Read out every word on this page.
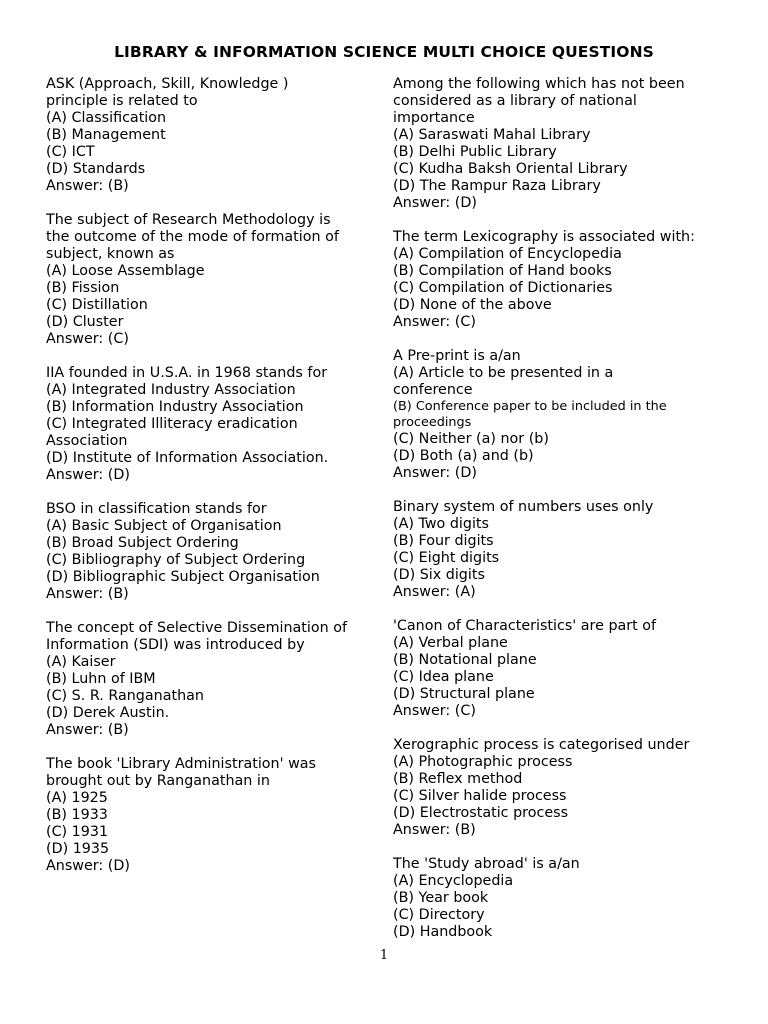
LIBRARY & INFORMATION SCIENCE MULTI CHOICE QUESTIONS
ASK (Approach, Skill, Knowledge )
principle is related to
(A) Classification
(B) Management
(C) ICT
(D) Standards
Answer: (B)
The subject of Research Methodology is
the outcome of the mode of formation of
subject, known as
(A) Loose Assemblage
(B) Fission
(C) Distillation
(D) Cluster
Answer: (C)
IIA founded in U.S.A. in 1968 stands for
(A) Integrated Industry Association
(B) Information Industry Association
(C) Integrated Illiteracy eradication
Association
(D) Institute of Information Association.
Answer: (D)
BSO in classification stands for
(A) Basic Subject of Organisation
(B) Broad Subject Ordering
(C) Bibliography of Subject Ordering
(D) Bibliographic Subject Organisation
Answer: (B)
The concept of Selective Dissemination of
Information (SDI) was introduced by
(A) Kaiser
(B) Luhn of IBM
(C) S. R. Ranganathan
(D) Derek Austin.
Answer: (B)
The book 'Library Administration' was
brought out by Ranganathan in
(A) 1925
(B) 1933
(C) 1931
(D) 1935
Answer: (D)
Among the following which has not been
considered as a library of national
importance
(A) Saraswati Mahal Library
(B) Delhi Public Library
(C) Kudha Baksh Oriental Library
(D) The Rampur Raza Library
Answer: (D)
The term Lexicography is associated with:
(A) Compilation of Encyclopedia
(B) Compilation of Hand books
(C) Compilation of Dictionaries
(D) None of the above
Answer: (C)
A Pre-print is a/an
(A) Article to be presented in a
conference
(B) Conference paper to be included in the
proceedings
(C) Neither (a) nor (b)
(D) Both (a) and (b)
Answer: (D)
Binary system of numbers uses only
(A) Two digits
(B) Four digits
(C) Eight digits
(D) Six digits
Answer: (A)
'Canon of Characteristics' are part of
(A) Verbal plane
(B) Notational plane
(C) Idea plane
(D) Structural plane
Answer: (C)
Xerographic process is categorised under
(A) Photographic process
(B) Reflex method
(C) Silver halide process
(D) Electrostatic process
Answer: (B)
The 'Study abroad' is a/an
(A) Encyclopedia
(B) Year book
(C) Directory
(D) Handbook
1
